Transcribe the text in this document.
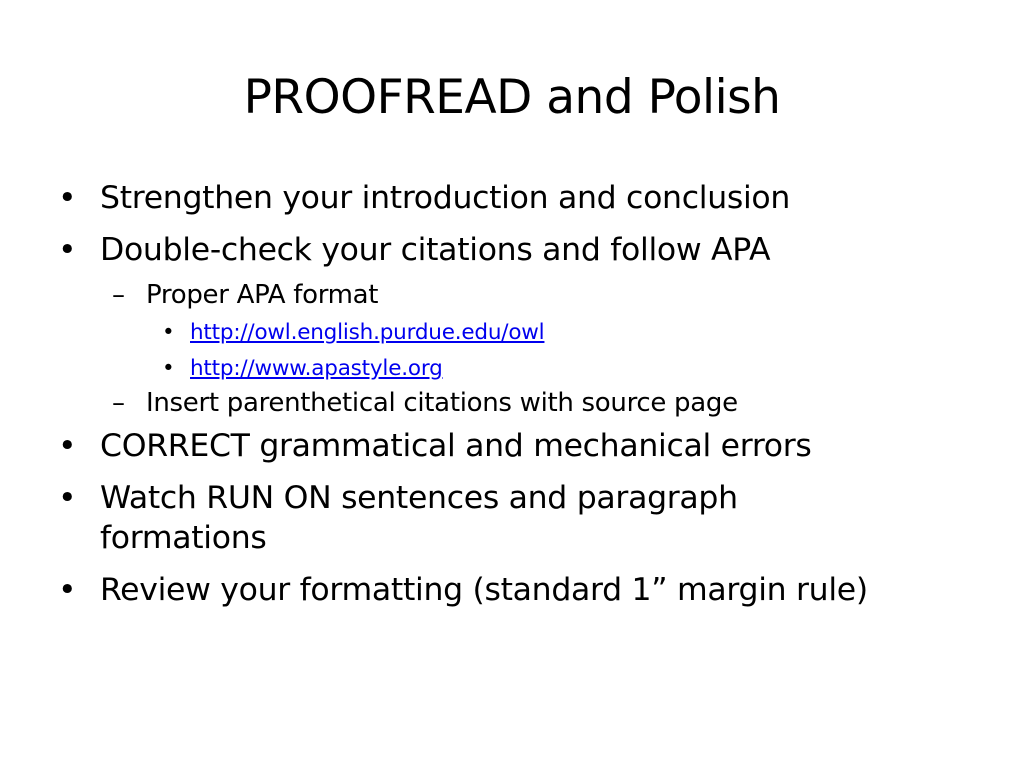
PROOFREAD and Polish
• Strengthen your introduction and conclusion
• Double-check your citations and follow APA
– Proper APA format
• http://owl.english.purdue.edu/owl
• http://www.apastyle.org
– Insert parenthetical citations with source page
• CORRECT grammatical and mechanical errors
• Watch RUN ON sentences and paragraph formations
• Review your formatting (standard 1” margin rule)
